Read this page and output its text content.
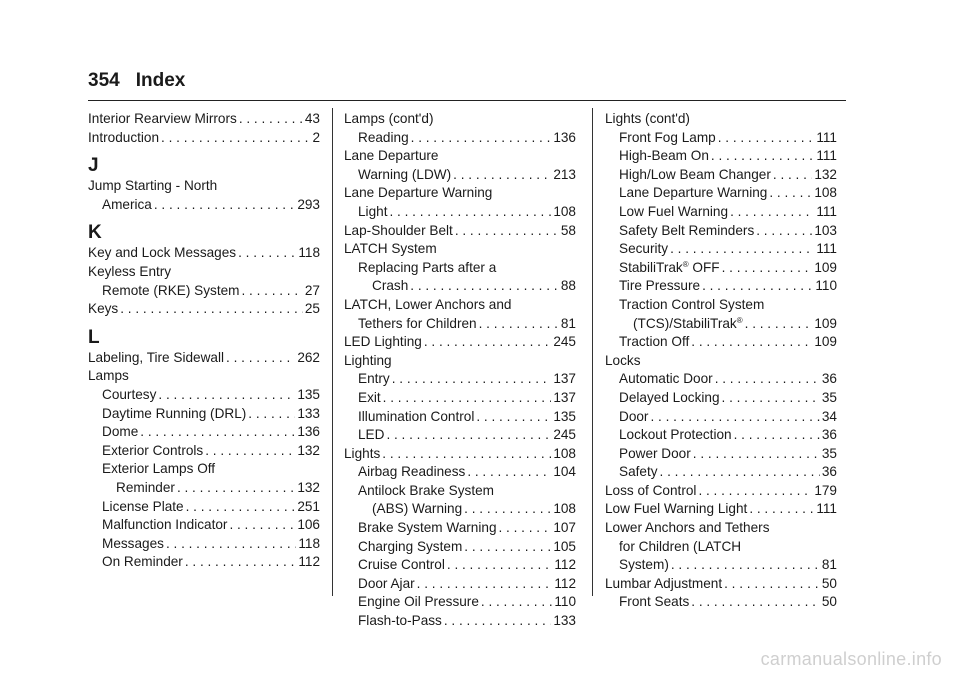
354 Index
Interior Rearview Mirrors . . .	43
Introduction . . .	2
J
Jump Starting - North
America . . .	293
K
Key and Lock Messages . . .	118
Keyless Entry
Remote (RKE) System . . .	27
Keys . . .	25
L
Labeling, Tire Sidewall . . .	262
Lamps
Courtesy . . .	135
Daytime Running (DRL) . . .	133
Dome . . .	136
Exterior Controls . . .	132
Exterior Lamps Off
Reminder . . .	132
License Plate . . .	251
Malfunction Indicator . . .	106
Messages . . .	118
On Reminder . . .	112
Lamps (cont'd)
Reading . . .	136
Lane Departure
Warning (LDW) . . .	213
Lane Departure Warning
Light . . .	108
Lap-Shoulder Belt . . .	58
LATCH System
Replacing Parts after a
Crash . . .	88
LATCH, Lower Anchors and
Tethers for Children . . .	81
LED Lighting . . .	245
Lighting
Entry . . .	137
Exit . . .	137
Illumination Control . . .	135
LED . . .	245
Lights . . .	108
Airbag Readiness . . .	104
Antilock Brake System
(ABS) Warning . . .	108
Brake System Warning . . .	107
Charging System . . .	105
Cruise Control . . .	112
Door Ajar . . .	112
Engine Oil Pressure . . .	110
Flash-to-Pass . . .	133
Lights (cont'd)
Front Fog Lamp . . .	111
High-Beam On . . .	111
High/Low Beam Changer . . .	132
Lane Departure Warning . . .	108
Low Fuel Warning . . .	111
Safety Belt Reminders . . .	103
Security . . .	111
StabiliTrak® OFF . . .	109
Tire Pressure . . .	110
Traction Control System
(TCS)/StabiliTrak® . . .	109
Traction Off . . .	109
Locks
Automatic Door . . .	36
Delayed Locking . . .	35
Door . . .	34
Lockout Protection . . .	36
Power Door . . .	35
Safety . . .	36
Loss of Control . . .	179
Low Fuel Warning Light . . .	111
Lower Anchors and Tethers
for Children (LATCH
System) . . .	81
Lumbar Adjustment . . .	50
Front Seats . . .	50
carmanualsonline.info
